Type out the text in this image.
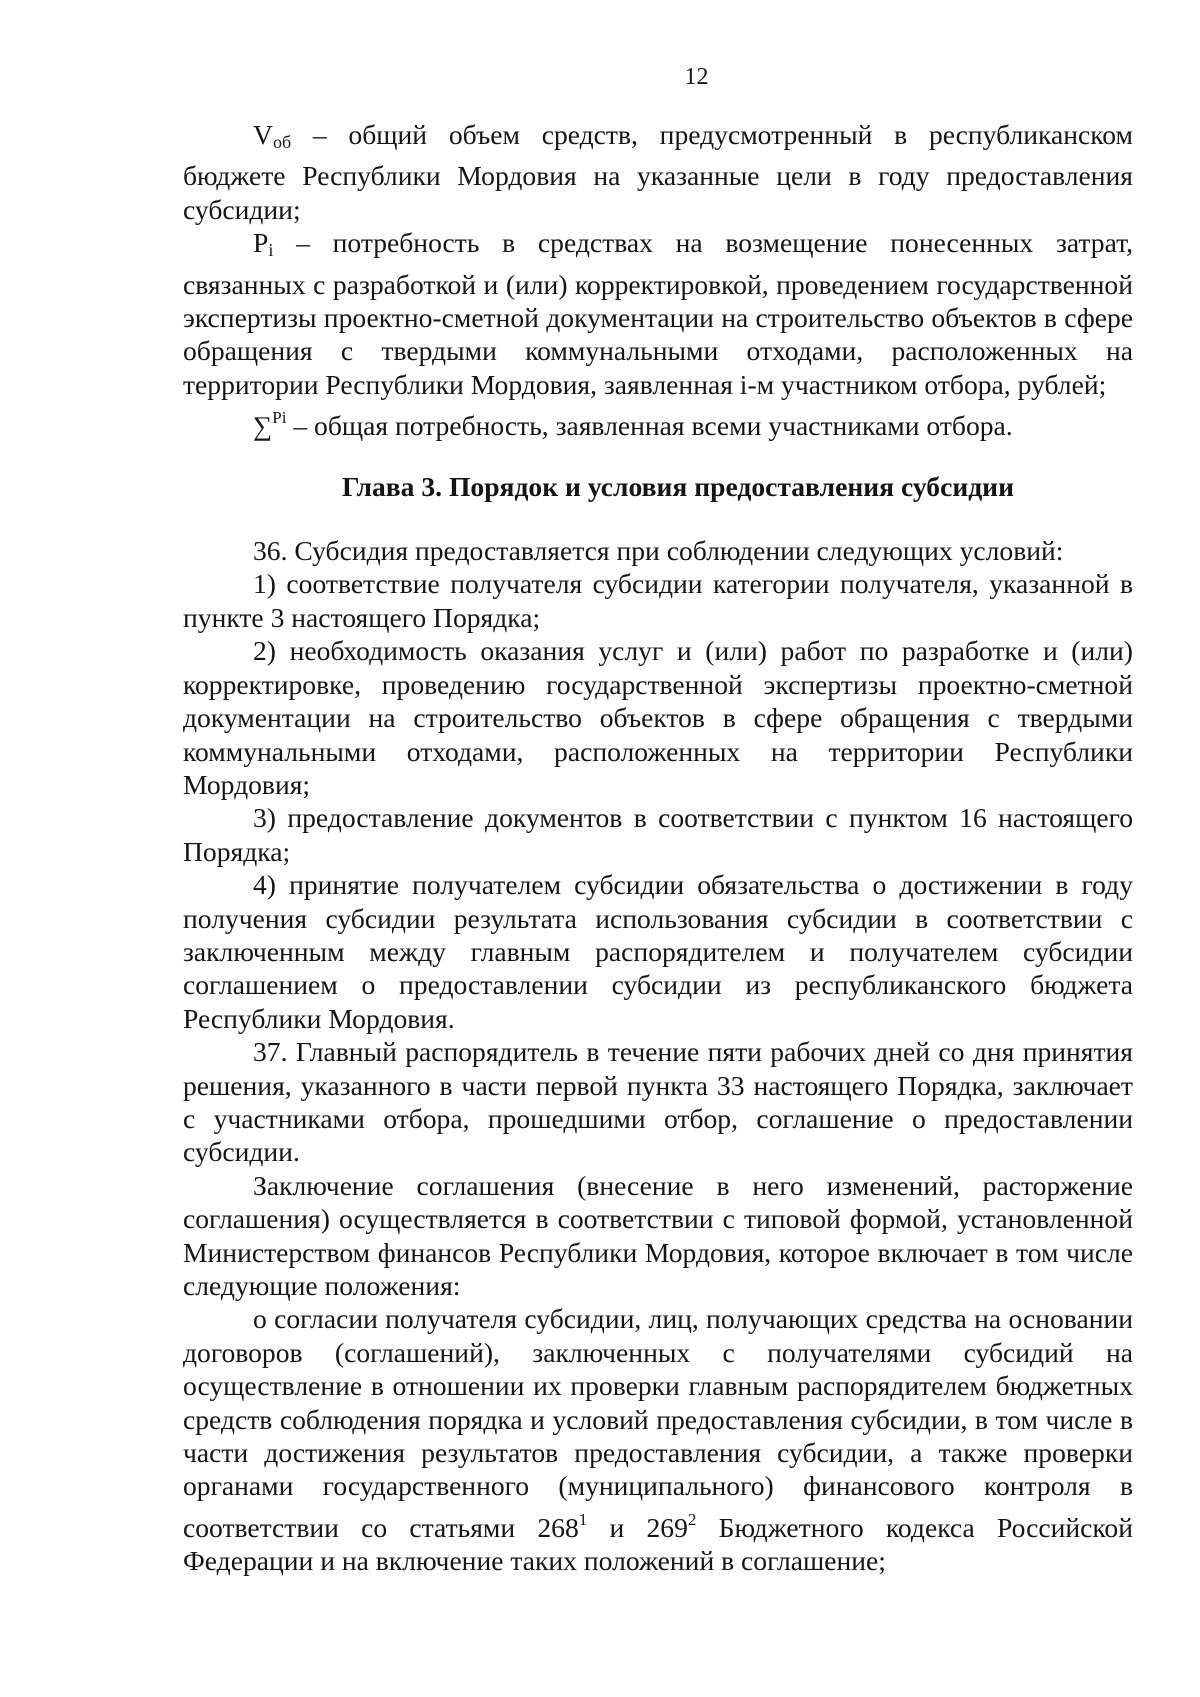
12

$V_{об}$ – общий объем средств, предусмотренный в республиканском бюджете Республики Мордовия на указанные цели в году предоставления субсидии;

$P_i$ – потребность в средствах на возмещение понесенных затрат, связанных с разработкой и (или) корректировкой, проведением государственной экспертизы проектно-сметной документации на строительство объектов в сфере обращения с твердыми коммунальными отходами, расположенных на территории Республики Мордовия, заявленная i-м участником отбора, рублей;

∑$^{Pi}$ – общая потребность, заявленная всеми участниками отбора.

Глава 3. Порядок и условия предоставления субсидии

36. Субсидия предоставляется при соблюдении следующих условий:

1) соответствие получателя субсидии категории получателя, указанной в пункте 3 настоящего Порядка;

2) необходимость оказания услуг и (или) работ по разработке и (или) корректировке, проведению государственной экспертизы проектно-сметной документации на строительство объектов в сфере обращения с твердыми коммунальными отходами, расположенных на территории Республики Мордовия;

3) предоставление документов в соответствии с пунктом 16 настоящего Порядка;

4) принятие получателем субсидии обязательства о достижении в году получения субсидии результата использования субсидии в соответствии с заключенным между главным распорядителем и получателем субсидии соглашением о предоставлении субсидии из республиканского бюджета Республики Мордовия.

37. Главный распорядитель в течение пяти рабочих дней со дня принятия решения, указанного в части первой пункта 33 настоящего Порядка, заключает с участниками отбора, прошедшими отбор, соглашение о предоставлении субсидии.

Заключение соглашения (внесение в него изменений, расторжение соглашения) осуществляется в соответствии с типовой формой, установленной Министерством финансов Республики Мордовия, которое включает в том числе следующие положения:

о согласии получателя субсидии, лиц, получающих средства на основании договоров (соглашений), заключенных с получателями субсидий на осуществление в отношении их проверки главным распорядителем бюджетных средств соблюдения порядка и условий предоставления субсидии, в том числе в части достижения результатов предоставления субсидии, а также проверки органами государственного (муниципального) финансового контроля в соответствии со статьями $268^1$ и $269^2$ Бюджетного кодекса Российской Федерации и на включение таких положений в соглашение;
